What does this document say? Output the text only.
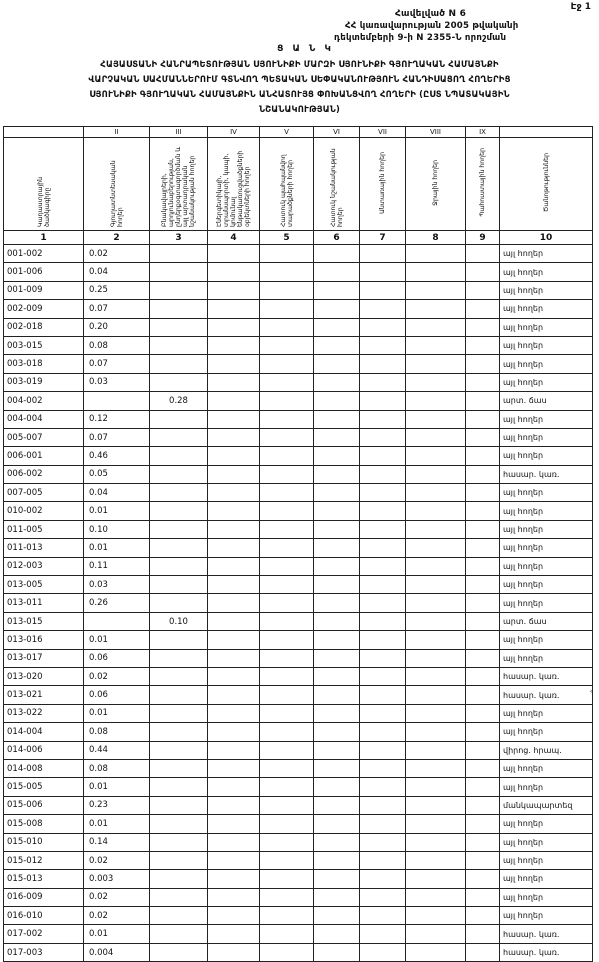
Էջ 1
Հավելված N 6
ՀՀ կառավարության 2005 թվականի
դեկտեմբերի 9-ի N 2355-Ն որոշման
Ց Ա Ն Կ
ՀԱՅԱՍՏԱՆԻ ՀԱՆՐԱՊԵՏՈՒԹՅԱՆ ՍՅՈՒՆԻՔԻ ՄԱՐԶԻ ՍՅՈՒՆԻՔԻ ԳՅՈՒՂԱԿԱՆ ՀԱՄԱՅՆՔԻ
ՎԱՐՉԱԿԱՆ ՍԱՀՄԱՆՆԵՐՈՒՄ ԳՏՆՎՈՂ ՊԵՏԱԿԱՆ ՍԵՓԱԿԱՆՈՒԹՅՈՒՆ ՀԱՆԴԻՍԱՑՈՂ ՀՈՂԵՐԻՑ
ՍՅՈՒՆԻՔԻ ԳՅՈՒՂԱԿԱՆ ՀԱՄԱՅՆՔԻՆ ԱՆՀԱՏՈՒՅՑ ՓՈԽԱՆՑՎՈՂ ՀՈՂԵՐԻ (ԸՍՏ ՆՊԱՏԱԿԱՅԻՆ
ՆՇԱՆԱԿՈՒԹՅԱՆ)
	II	III	IV	V	VI	VII	VIII	IX	
Կադաստրային ծածկագիրը	Գյուղատնտեսական հողեր	Բնակավայրերի, արդյունաբերության, ընդերքօգտագործման և այլ արտադրական նշանակության հողեր	Էներգետիկայի, տրանսպորտի, կապի, կոմունալ ենթակառուցվածքների օբյեկտների հողեր	Հատուկ պահպանվող տարածքների հողեր	Հատուկ նշանակության հողեր	Անտառային հողեր	Ջրային հողեր	Պահուստային հողեր	Ծանոթություններ
1	2	3	4	5	6	7	8	9	10
001-002	0.02								այլ հողեր
001-006	0.04								այլ հողեր
001-009	0.25								այլ հողեր
002-009	0.07								այլ հողեր
002-018	0.20								այլ հողեր
003-015	0.08								այլ հողեր
003-018	0.07								այլ հողեր
003-019	0.03								այլ հողեր
004-002		0.28							արտ. ճաս
004-004	0.12								այլ հողեր
005-007	0.07								այլ հողեր
006-001	0.46								այլ հողեր
006-002	0.05								հասար. կառ.
007-005	0.04								այլ հողեր
010-002	0.01								այլ հողեր
011-005	0.10								այլ հողեր
011-013	0.01								այլ հողեր
012-003	0.11								այլ հողեր
013-005	0.03								այլ հողեր
013-011	0.26								այլ հողեր
013-015		0.10							արտ. ճաս
013-016	0.01								այլ հողեր
013-017	0.06								այլ հողեր
013-020	0.02								հասար. կառ.
013-021	0.06								հասար. կառ.
013-022	0.01								այլ հողեր
014-004	0.08								այլ հողեր
014-006	0.44								վիրոց. հրապ.
014-008	0.08								այլ հողեր
015-005	0.01								այլ հողեր
015-006	0.23								մանկապարտեզ
015-008	0.01								այլ հողեր
015-010	0.14								այլ հողեր
015-012	0.02								այլ հողեր
015-013	0.003								այլ հողեր
016-009	0.02								այլ հողեր
016-010	0.02								այլ հողեր
017-002	0.01								հասար. կառ.
017-003	0.004								հասար. կառ.
ՙ
